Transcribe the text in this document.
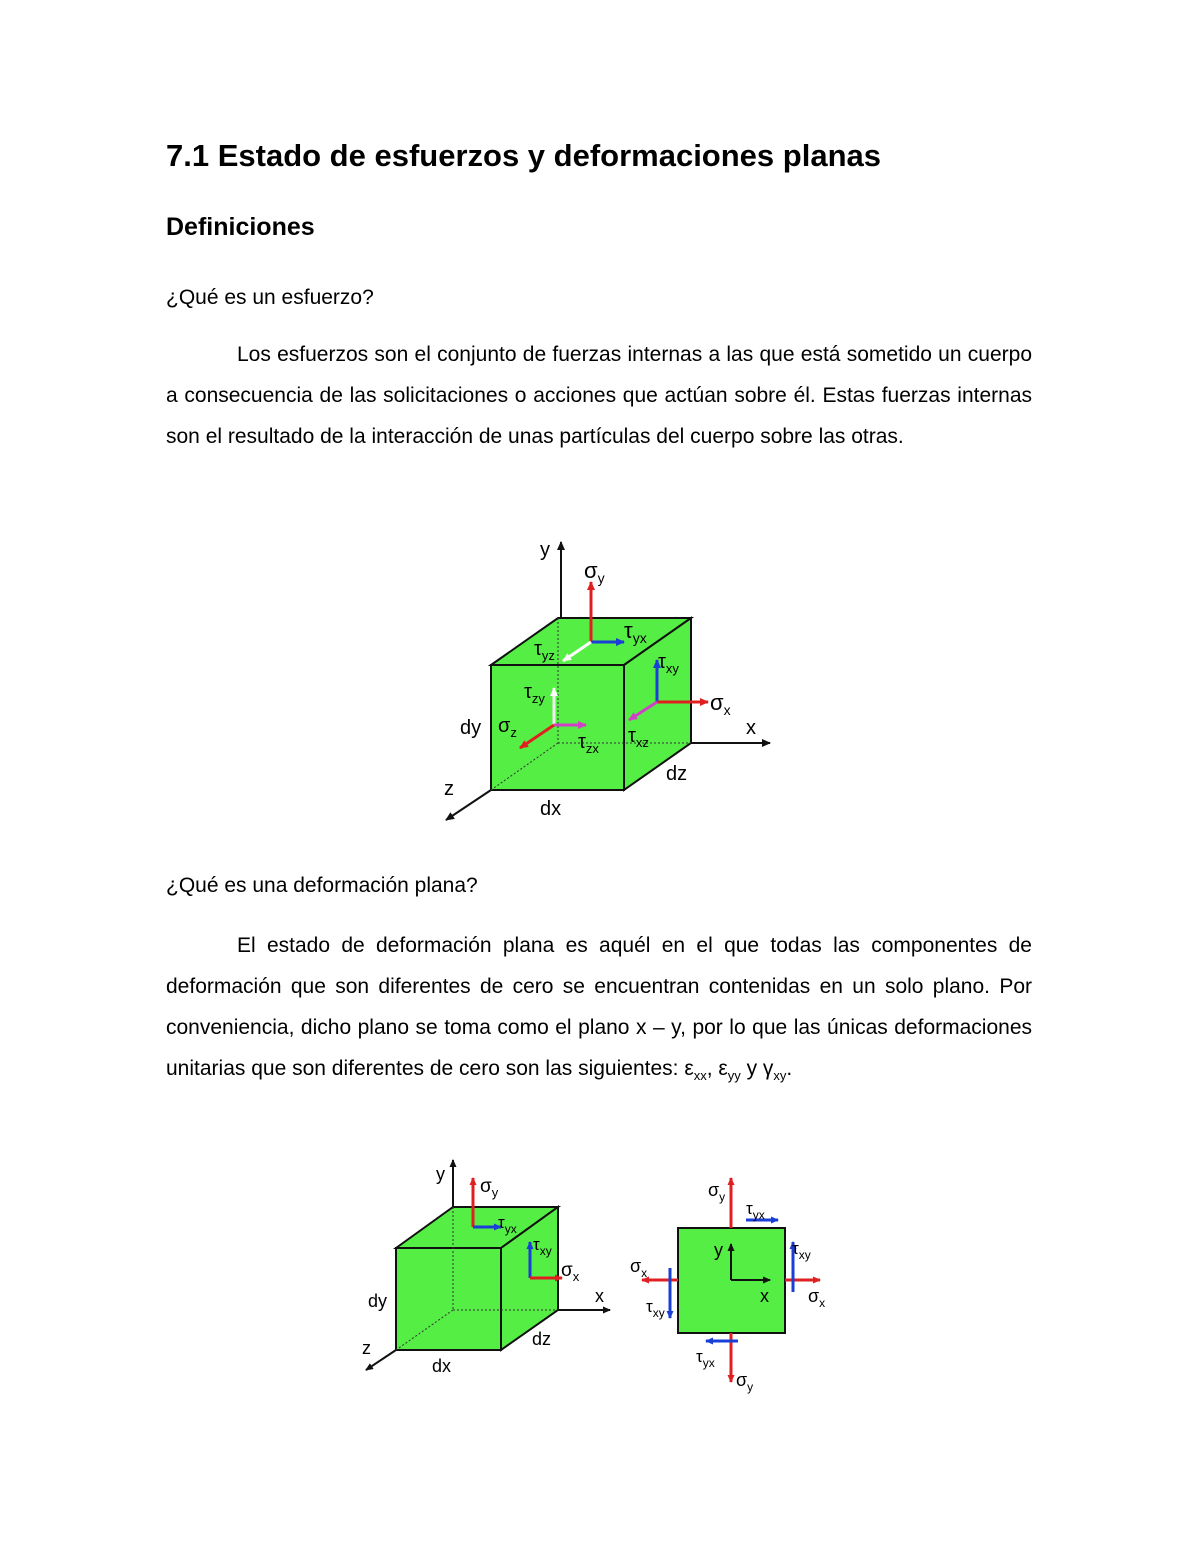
7.1 Estado de esfuerzos y deformaciones planas
Definiciones

¿Qué es un esfuerzo?

Los esfuerzos son el conjunto de fuerzas internas a las que está sometido un cuerpo a consecuencia de las solicitaciones o acciones que actúan sobre él. Estas fuerzas internas son el resultado de la interacción de unas partículas del cuerpo sobre las otras.

y
x
z
dx
dy
dz
$\sigma_y$
$\tau_{yx}$
$\tau_{yz}$	$\tau_{xy}$
$\tau_{zy}$	$\sigma_x$
$\sigma_z$	$\tau_{zx}$
$\tau_{xz}$

¿Qué es una deformación plana?

El estado de deformación plana es aquél en el que todas las componentes de deformación que son diferentes de cero se encuentran contenidas en un solo plano. Por conveniencia, dicho plano se toma como el plano x – y, por lo que las únicas deformaciones unitarias que son diferentes de cero son las siguientes: $\varepsilon_{xx}$, $\varepsilon_{yy}$ y $\gamma_{xy}$.

y
x
z
dx
dy
dz
$\sigma_y$
$\tau_{yx}$
$\tau_{xy}$
$\sigma_x$
y
x
$\sigma_y$
$\tau_{yx}$
$\tau_{xy}$
$\sigma_x$
$\sigma_x$
$\tau_{xy}$
$\tau_{yx}$
$\sigma_y$
